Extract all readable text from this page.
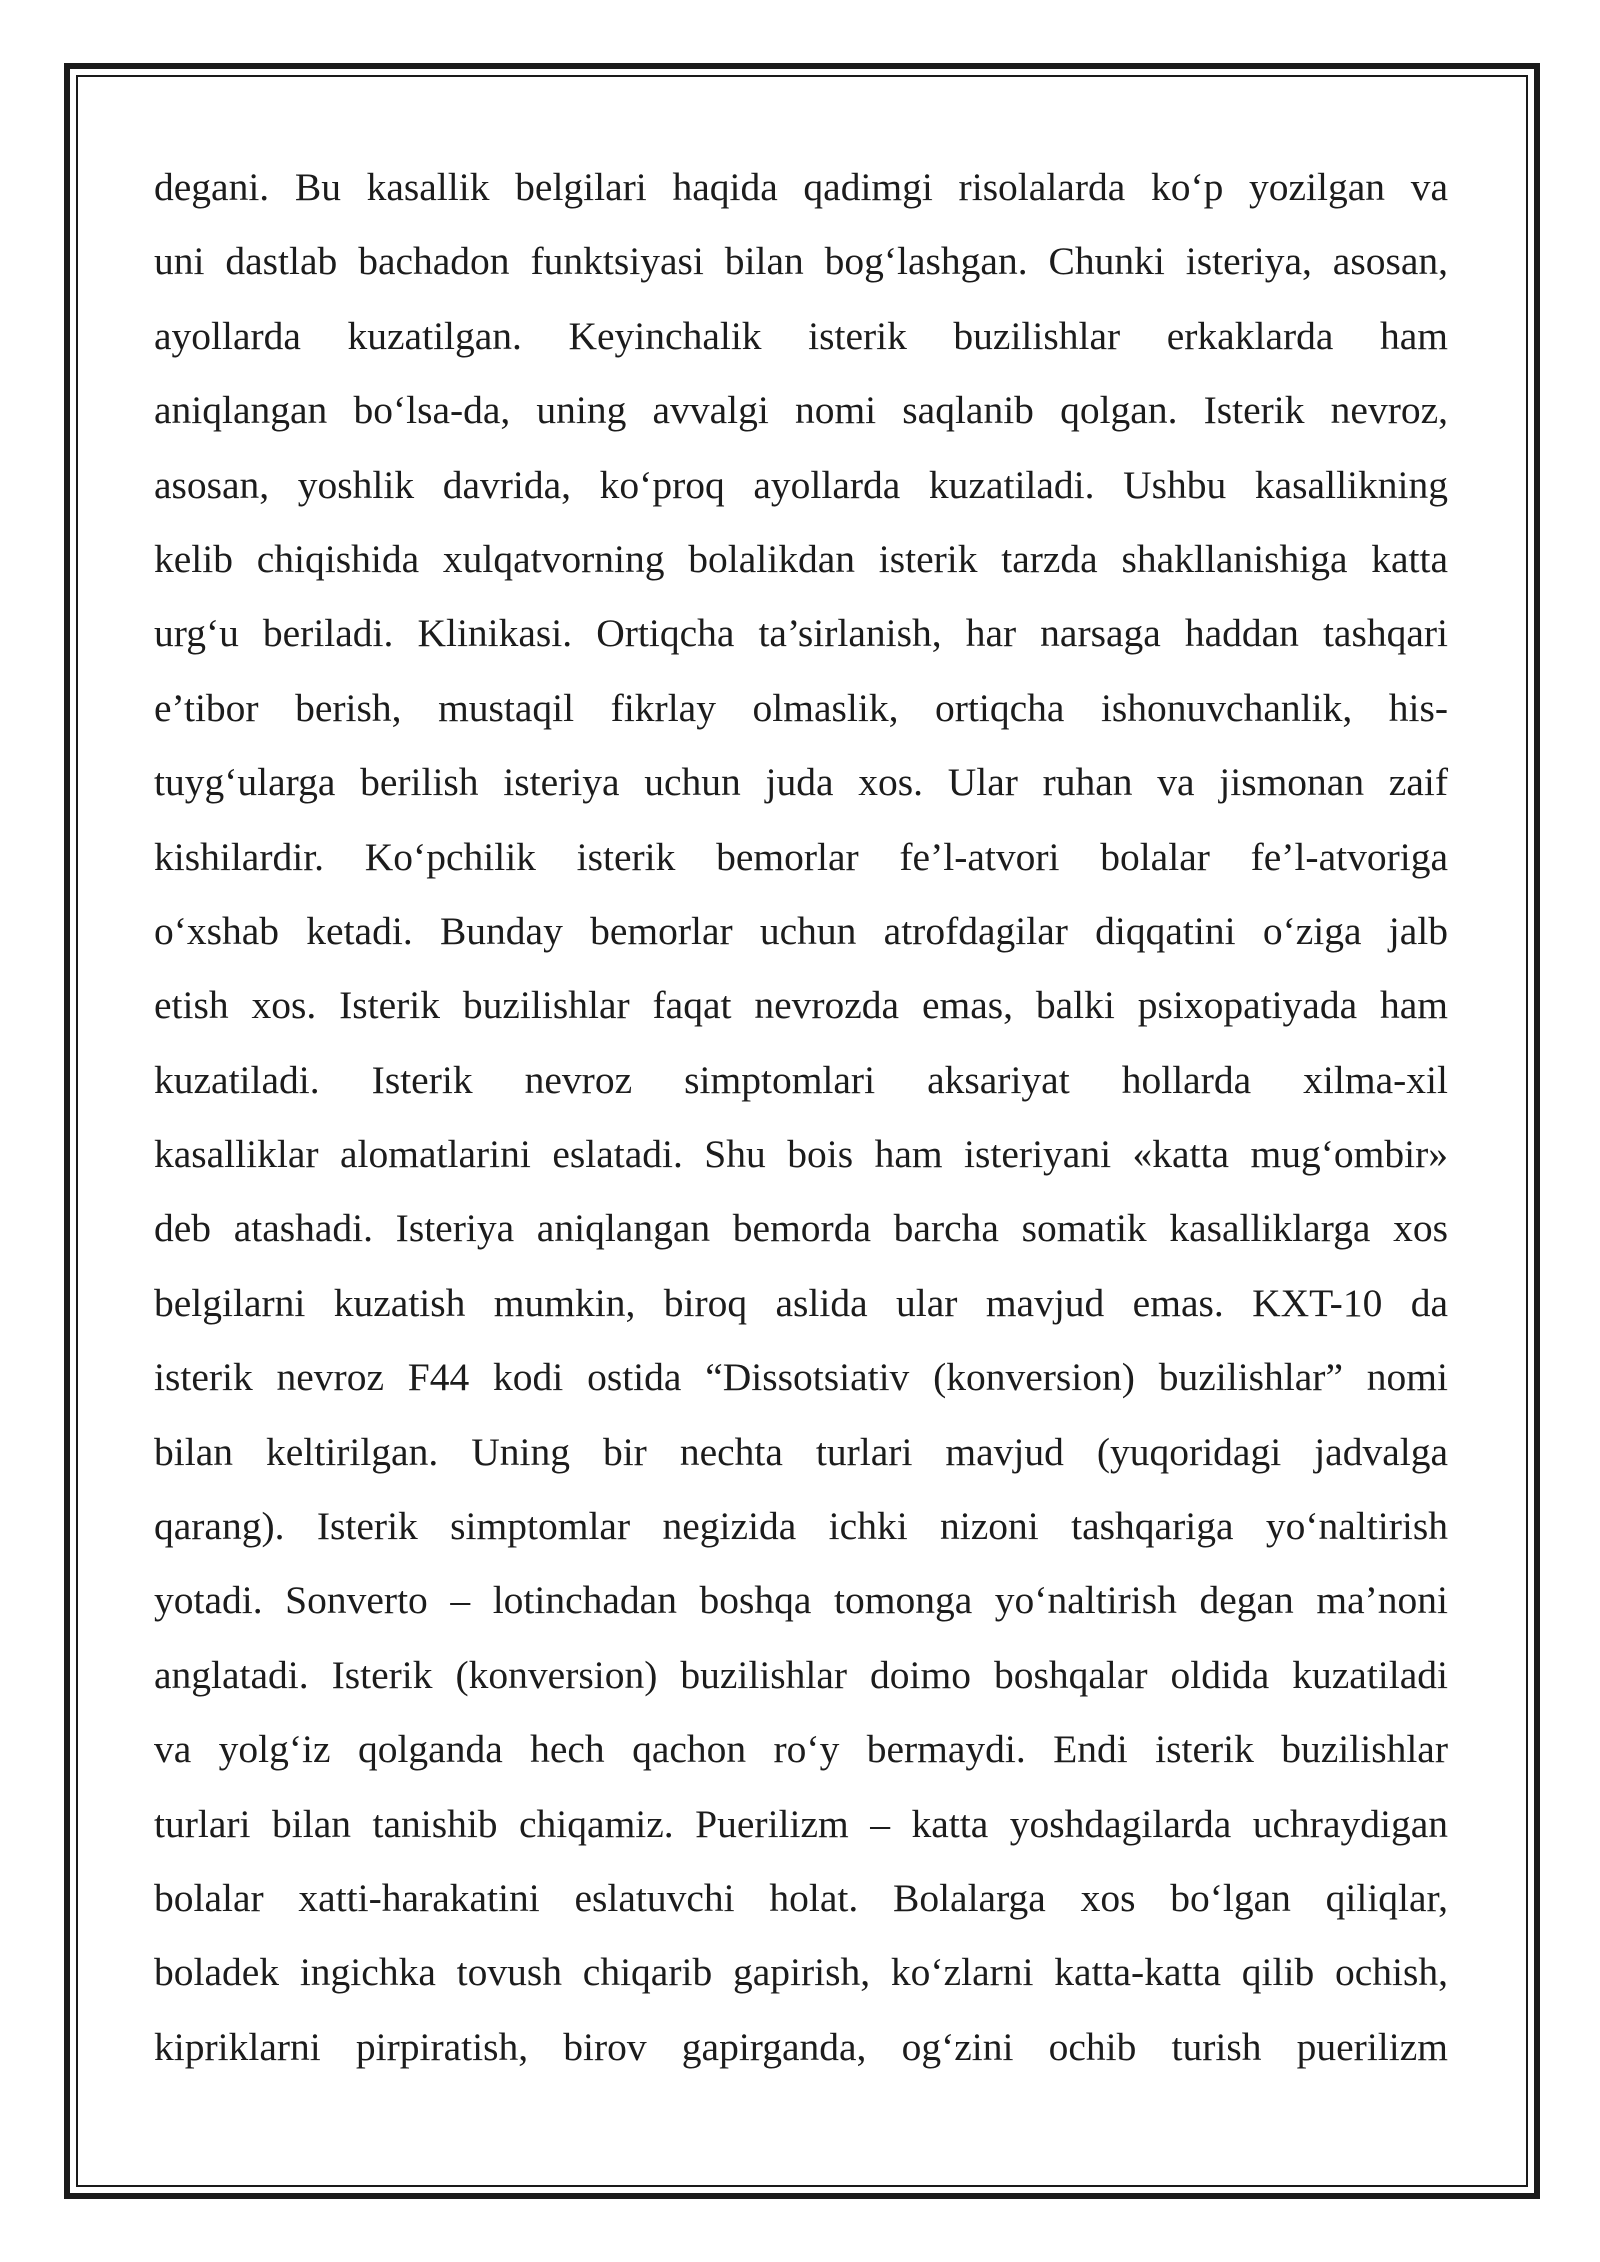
degani. Bu kasallik belgilari haqida qadimgi risolalarda ko‘p yozilgan va
uni dastlab bachadon funktsiyasi bilan bog‘lashgan. Chunki isteriya, asosan,
ayollarda kuzatilgan. Keyinchalik isterik buzilishlar erkaklarda ham
aniqlangan bo‘lsa-da, uning avvalgi nomi saqlanib qolgan. Isterik nevroz,
asosan, yoshlik davrida, ko‘proq ayollarda kuzatiladi. Ushbu kasallikning
kelib chiqishida xulqatvorning bolalikdan isterik tarzda shakllanishiga katta
urg‘u beriladi. Klinikasi. Ortiqcha ta’sirlanish, har narsaga haddan tashqari
e’tibor berish, mustaqil fikrlay olmaslik, ortiqcha ishonuvchanlik, his-
tuyg‘ularga berilish isteriya uchun juda xos. Ular ruhan va jismonan zaif
kishilardir. Ko‘pchilik isterik bemorlar fe’l-atvori bolalar fe’l-atvoriga
o‘xshab ketadi. Bunday bemorlar uchun atrofdagilar diqqatini o‘ziga jalb
etish xos. Isterik buzilishlar faqat nevrozda emas, balki psixopatiyada ham
kuzatiladi. Isterik nevroz simptomlari aksariyat hollarda xilma-xil
kasalliklar alomatlarini eslatadi. Shu bois ham isteriyani «katta mug‘ombir»
deb atashadi. Isteriya aniqlangan bemorda barcha somatik kasalliklarga xos
belgilarni kuzatish mumkin, biroq aslida ular mavjud emas. KXT-10 da
isterik nevroz F44 kodi ostida “Dissotsiativ (konversion) buzilishlar” nomi
bilan keltirilgan. Uning bir nechta turlari mavjud (yuqoridagi jadvalga
qarang). Isterik simptomlar negizida ichki nizoni tashqariga yo‘naltirish
yotadi. Sonverto – lotinchadan boshqa tomonga yo‘naltirish degan ma’noni
anglatadi. Isterik (konversion) buzilishlar doimo boshqalar oldida kuzatiladi
va yolg‘iz qolganda hech qachon ro‘y bermaydi. Endi isterik buzilishlar
turlari bilan tanishib chiqamiz. Puerilizm – katta yoshdagilarda uchraydigan
bolalar xatti-harakatini eslatuvchi holat. Bolalarga xos bo‘lgan qiliqlar,
boladek ingichka tovush chiqarib gapirish, ko‘zlarni katta-katta qilib ochish,
kipriklarni pirpiratish, birov gapirganda, og‘zini ochib turish puerilizm
